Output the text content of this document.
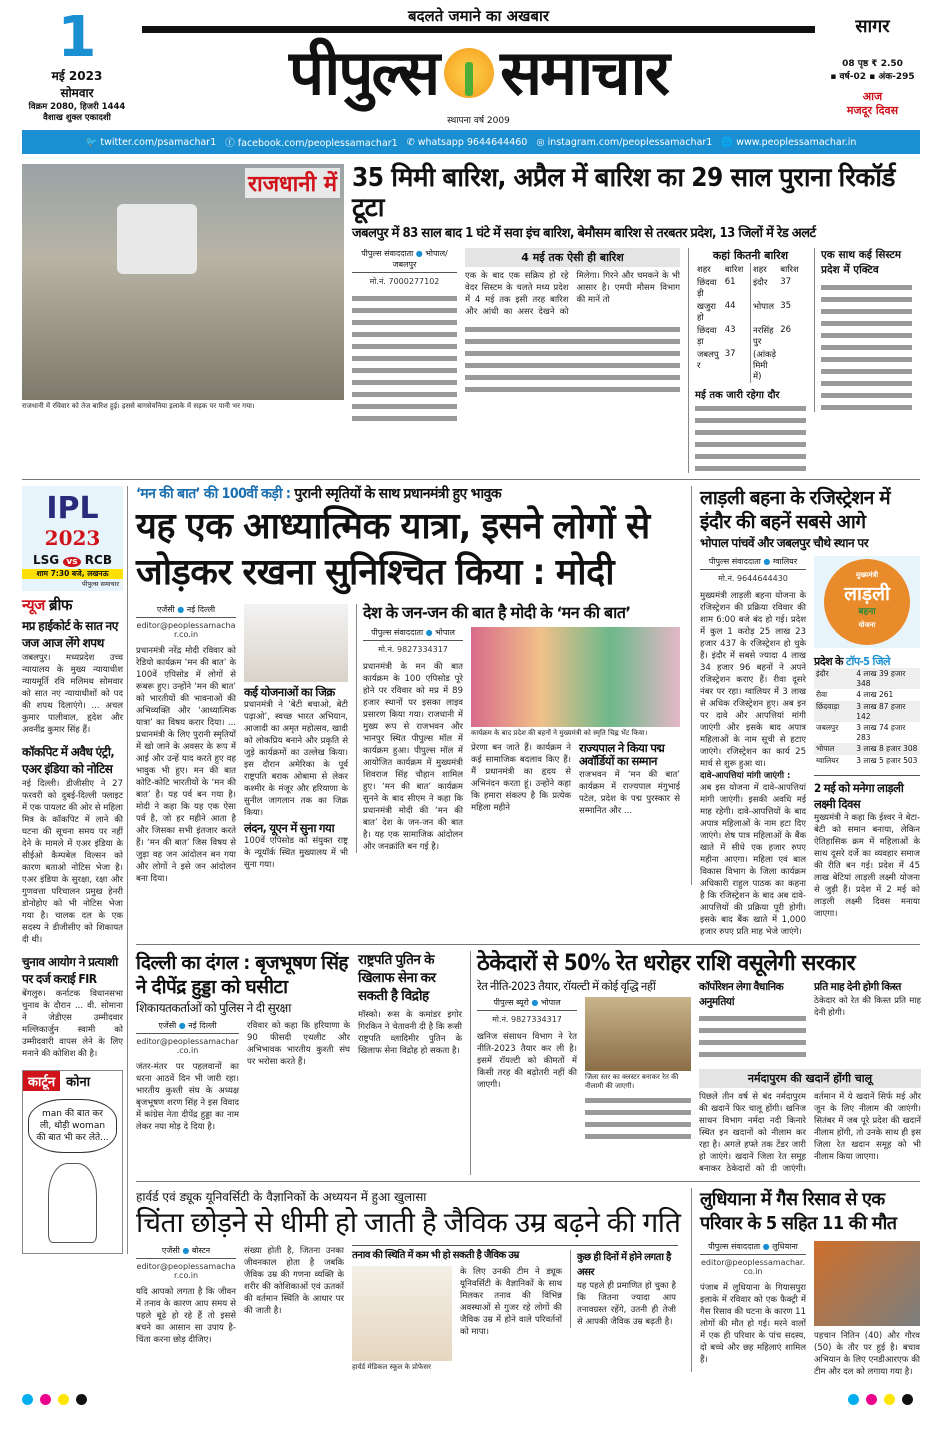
1
मई 2023
सोमवार
विक्रम 2080, हिजरी 1444
वैशाख शुक्ल एकादशी
बदलते जमाने का अखबार
पीपुल्स समाचार
स्थापना वर्ष 2009
सागर
08 पृष्ठ ₹ 2.50
▪ वर्ष-02 ▪ अंक-295
आज
मजदूर दिवस
🐦 twitter.com/psamachar1 ⓕ facebook.com/peoplessamachar1 ✆ whatsapp 9644644460 ◎ instagram.com/peoplessamachar1 🌐 www.peoplessamachar.in
राजधानी में
राजधानी में रविवार को तेज बारिश हुई। इससे बागसेवनिया इलाके में सड़क पर पानी भर गया।
35 मिमी बारिश, अप्रैल में बारिश का 29 साल पुराना रिकॉर्ड टूटा
जबलपुर में 83 साल बाद 1 घंटे में सवा इंच बारिश, बेमौसम बारिश से तरबतर प्रदेश, 13 जिलों में रेड अलर्ट
पीपुल्स संवाददाता ● भोपाल/जबलपुर
मो.नं. 7000277102
4 मई तक ऐसी ही बारिश
एक के बाद एक सक्रिय हो रहे वेदर सिस्टम के चलते मध्य प्रदेश में 4 मई तक इसी तरह बारिश और आंधी का असर देखने को मिलेगा। गिरने और चमकने के भी आसार है। एमपी मौसम विभाग की मानें तो
कहां कितनी बारिश
शहर	बारिश	शहर	बारिश
छिंदवाड़ी	61	इंदौर	37
खजुराहो	44	भोपाल	35
छिंदवाड़ा	43	नरसिंहपुर	26
जबलपुर	37	(आंकड़े मिमी में)	
मई तक जारी रहेगा दौर
एक साथ कई सिस्टम प्रदेश में एक्टिव
IPL
2023
LSG vs RCB
शाम 7:30 बजे, लखनऊ
पीपुल्स समाचार
न्यूज ब्रीफ
मप्र हाईकोर्ट के सात नए जज आज लेंगे शपथ
जबलपुर। मध्यप्रदेश उच्च न्यायालय के मुख्य न्यायाधीश न्यायमूर्ति रवि मलिमथ सोमवार को सात नए न्यायाधीशों को पद की शपथ दिलाएंगे। ... अचल कुमार पालीवाल, हृदेश और अवनींद्र कुमार सिंह हैं।
कॉकपिट में अवैध एंट्री, एअर इंडिया को नोटिस
नई दिल्ली। डीजीसीए ने 27 फरवरी को दुबई-दिल्ली फ्लाइट में एक पायलट की ओर से महिला मित्र के कॉकपिट में लाने की घटना की सूचना समय पर नहीं देने के मामले में एअर इंडिया के सीईओ कैम्पबेल विल्सन को कारण बताओ नोटिस भेजा है। एअर इंडिया के सुरक्षा, रक्षा और गुणवत्ता परिचालन प्रमुख हेनरी डोनोहोए को भी नोटिस भेजा गया है। चालक दल के एक सदस्य ने डीजीसीए को शिकायत दी थी।
चुनाव आयोग ने प्रत्याशी पर दर्ज कराई FIR
बेंगलुरु। कर्नाटक विधानसभा चुनाव के दौरान ... वी. सोमाना ने जेडीएस उम्मीदवार मल्लिकार्जुन स्वामी को उम्मीदवारी वापस लेने के लिए मनाने की कोशिश की है।
कार्टून कोना
man की बात कर ली, थोड़ी woman की बात भी कर लेते...
‘मन की बात’ की 100वीं कड़ी : पुरानी स्मृतियों के साथ प्रधानमंत्री हुए भावुक
यह एक आध्यात्मिक यात्रा, इसने लोगों से जोड़कर रखना सुनिश्चित किया : मोदी
एजेंसी ● नई दिल्ली
editor@peoplessamachar.co.in
प्रधानमंत्री नरेंद्र मोदी रविवार को रेडियो कार्यक्रम ‘मन की बात’ के 100वें एपिसोड में लोगों से रूबरू हुए। उन्होंने ‘मन की बात’ को भारतीयों की भावनाओं की अभिव्यक्ति और ‘आध्यात्मिक यात्रा’ का विषय करार दिया। ... प्रधानमंत्री के लिए पुरानी स्मृतियों में खो जाने के अवसर के रूप में आई और उन्हें याद करते हुए वह भावुक भी हुए। मन की बात कोटि-कोटि भारतीयों के ‘मन की बात’ है। यह पर्व बन गया है। मोदी ने कहा कि यह एक ऐसा पर्व है, जो हर महीने आता है और जिसका सभी इंतजार करते हैं। ‘मन की बात’ जिस विषय से जुड़ा वह जन आंदोलन बन गया और लोगों ने इसे जन आंदोलन बना दिया।
कई योजनाओं का जिक्र
प्रधानमंत्री ने ‘बेटी बचाओ, बेटी पढ़ाओ’, स्वच्छ भारत अभियान, आजादी का अमृत महोत्सव, खादी को लोकप्रिय बनाने और प्रकृति से जुड़े कार्यक्रमों का उल्लेख किया। इस दौरान अमेरिका के पूर्व राष्ट्रपति बराक ओबामा से लेकर कश्मीर के मंजूर और हरियाणा के सुनील जागलान तक का जिक्र किया।
लंदन, यूएन में सुना गया
100वें एपिसोड को संयुक्त राष्ट्र के न्यूयॉर्क स्थित मुख्यालय में भी सुना गया।
देश के जन-जन की बात है मोदी के ‘मन की बात’
पीपुल्स संवाददाता ● भोपाल
मो.नं. 9827334317
प्रधानमंत्री के मन की बात कार्यक्रम के 100 एपिसोड पूरे होने पर रविवार को मप्र में 89 हजार स्थानों पर इसका लाइव प्रसारण किया गया। राजधानी में मुख्य रूप से राजभवन और भानपुर स्थित पीपुल्स मॉल में कार्यक्रम हुआ। पीपुल्स मॉल में आयोजित कार्यक्रम में मुख्यमंत्री शिवराज सिंह चौहान शामिल हुए। ‘मन की बात’ कार्यक्रम सुनने के बाद सीएम ने कहा कि प्रधानमंत्री मोदी की ‘मन की बात’ देश के जन-जन की बात है। यह एक सामाजिक आंदोलन और जनक्रांति बन गई है।
कार्यक्रम के बाद प्रदेश की बहनों ने मुख्यमंत्री को स्मृति चिह्न भेंट किया।
प्रेरणा बन जाते हैं। कार्यक्रम ने कई सामाजिक बदलाव किए हैं। मैं प्रधानमंत्री का हृदय से अभिनंदन करता हूं। उन्होंने कहा कि हमारा संकल्प है कि प्रत्येक महिला महीने
राज्यपाल ने किया पद्म अवॉर्डियों का सम्मान
राजभवन में ‘मन की बात’ कार्यक्रम में राज्यपाल मंगुभाई पटेल, प्रदेश के पद्म पुरस्कार से सम्मानित और ...
लाड़ली बहना के रजिस्ट्रेशन में इंदौर की बहनें सबसे आगे
भोपाल पांचवें और जबलपुर चौथे स्थान पर
पीपुल्स संवाददाता ● ग्वालियर
मो.नं. 9644644430
मुख्यमंत्री लाड़ली बहना योजना के रजिस्ट्रेशन की प्रक्रिया रविवार की शाम 6:00 बजे बंद हो गई। प्रदेश में कुल 1 करोड़ 25 लाख 23 हजार 437 के रजिस्ट्रेशन हो चुके हैं। इंदौर में सबसे ज्यादा 4 लाख 34 हजार 96 बहनों ने अपने रजिस्ट्रेशन कराए हैं। रीवा दूसरे नंबर पर रहा। ग्वालियर में 3 लाख से अधिक रजिस्ट्रेशन हुए। अब इन पर दावे और आपत्तियां मांगी जाएंगी और इसके बाद अपात्र महिलाओं के नाम सूची से हटाए जाएंगे। रजिस्ट्रेशन का कार्य 25 मार्च से शुरू हुआ था।
दावे-आपत्तियां मांगी जाएंगी :
अब इस योजना में दावे-आपत्तियां मांगी जाएंगी। इसकी अवधि मई माह रहेगी। दावे-आपत्तियों के बाद अपात्र महिलाओं के नाम हटा दिए जाएंगे। शेष पात्र महिलाओं के बैंक खाते में सीधे एक हजार रुपए महीना आएगा। महिला एवं बाल विकास विभाग के जिला कार्यक्रम अधिकारी राहुल पाठक का कहना है कि रजिस्ट्रेशन के बाद अब दावे-आपत्तियों की प्रक्रिया पूरी होगी। इसके बाद बैंक खाते में 1,000 हजार रुपए प्रति माह भेजे जाएंगे।
मुख्यमंत्री
लाड़ली
बहना
योजना
प्रदेश के टॉप-5 जिले
इंदौर	4 लाख 39 हजार 348
रीवा	4 लाख 261
छिंदवाड़ा	3 लाख 87 हजार 142
जबलपुर	3 लाख 74 हजार 283
भोपाल	3 लाख 8 हजार 308
ग्वालियर	3 लाख 5 हजार 503
2 मई को मनेगा लाड़ली लक्ष्मी दिवस
मुख्यमंत्री ने कहा कि ईश्वर ने बेटा-बेटी को समान बनाया, लेकिन ऐतिहासिक क्रम में महिलाओं के साथ दूसरे दर्जे का व्यवहार समाज की रीति बन गई। प्रदेश में 45 लाख बेटियां लाड़ली लक्ष्मी योजना से जुड़ी हैं। प्रदेश में 2 मई को लाड़ली लक्ष्मी दिवस मनाया जाएगा।
दिल्ली का दंगल : बृजभूषण सिंह ने दीपेंद्र हुड्डा को घसीटा
शिकायतकर्ताओं को पुलिस ने दी सुरक्षा
एजेंसी ● नई दिल्ली
editor@peoplessamachar.co.in
जंतर-मंतर पर पहलवानों का धरना आठवें दिन भी जारी रहा। भारतीय कुश्ती संघ के अध्यक्ष बृजभूषण शरण सिंह ने इस विवाद में कांग्रेस नेता दीपेंद्र हुड्डा का नाम लेकर नया मोड़ दे दिया है।
रविवार को कहा कि हरियाणा के 90 फीसदी एथलीट और अभिभावक भारतीय कुश्ती संघ पर भरोसा करते हैं।
राष्ट्रपति पुतिन के खिलाफ सेना कर सकती है विद्रोह
मॉस्को। रूस के कमांडर इगोर गिरकिन ने चेतावनी दी है कि रूसी राष्ट्रपति व्लादिमीर पुतिन के खिलाफ सेना विद्रोह हो सकता है।
ठेकेदारों से 50% रेत धरोहर राशि वसूलेगी सरकार
रेत नीति-2023 तैयार, रॉयल्टी में कोई वृद्धि नहीं
पीपुल्स ब्यूरो ● भोपाल
मो.नं. 9827334317
खनिज संसाधन विभाग ने रेत नीति-2023 तैयार कर ली है। इसमें रॉयल्टी को कीमतों में किसी तरह की बढ़ोतरी नहीं की जाएगी।
जिला स्तर का क्लस्टर बनाकर रेत की नीलामी की जाएगी।
कॉर्पोरेशन लेगा वैधानिक अनुमतियां
प्रति माह देनी होगी किस्त
ठेकेदार को रेत की किस्त प्रति माह देनी होगी।
नर्मदापुरम की खदानें होंगी चालू
पिछले तीन वर्ष से बंद नर्मदापुरम की खदानें फिर चालू होंगी। खनिज साधन विभाग नर्मदा नदी किनारे स्थित इन खदानों को नीलाम कर रहा है। अगले हफ्ते तक टेंडर जारी हो जाएंगे। खदानें जिला रेत समूह बनाकर ठेकेदारों को दी जाएंगी। वर्तमान में ये खदानें सिर्फ मई और जून के लिए नीलाम की जाएंगी। सितंबर में जब पूरे प्रदेश की खदानें नीलाम होंगी, तो उनके साथ ही इस जिला रेत खदान समूह को भी नीलाम किया जाएगा।
हार्वर्ड एवं ड्यूक यूनिवर्सिटी के वैज्ञानिकों के अध्ययन में हुआ खुलासा
चिंता छोड़ने से धीमी हो जाती है जैविक उम्र बढ़ने की गति
एजेंसी ● बोस्टन
editor@peoplessamachar.co.in
यदि आपको लगता है कि जीवन में तनाव के कारण आप समय से पहले बूढ़े हो रहे हैं तो इससे बचने का आसान सा उपाय है- चिंता करना छोड़ दीजिए।
संख्या होती है, जितना उनका जीवनकाल होता है जबकि जैविक उम्र की गणना व्यक्ति के शरीर की कोशिकाओं एवं ऊतकों की वर्तमान स्थिति के आधार पर की जाती है।
तनाव की स्थिति में कम भी हो सकती है जैविक उम्र
हार्वर्ड मेडिकल स्कूल के प्रोफेसर
के लिए उनकी टीम ने ड्यूक यूनिवर्सिटी के वैज्ञानिकों के साथ मिलकर तनाव की विभिन्न अवस्थाओं से गुजर रहे लोगों की जैविक उम्र में होने वाले परिवर्तनों को मापा।
कुछ ही दिनों में होने लगता है असर
यह पहले ही प्रमाणित हो चुका है कि जितना ज्यादा आप तनावग्रस्त रहेंगे, उतनी ही तेजी से आपकी जैविक उम्र बढ़ती है।
लुधियाना में गैस रिसाव से एक परिवार के 5 सहित 11 की मौत
पीपुल्स संवाददाता ● लुधियाना
editor@peoplessamachar.co.in
पंजाब में लुधियाना के गियासपुरा इलाके में रविवार को एक फैक्ट्री में गैस रिसाव की घटना के कारण 11 लोगों की मौत हो गई। मरने वालों में एक ही परिवार के पांच सदस्य, दो बच्चे और छह महिलाएं शामिल हैं।
पहचान नितिन (40) और गौरव (50) के तौर पर हुई है। बचाव अभियान के लिए एनडीआरएफ की टीम और दल को लगाया गया है।
